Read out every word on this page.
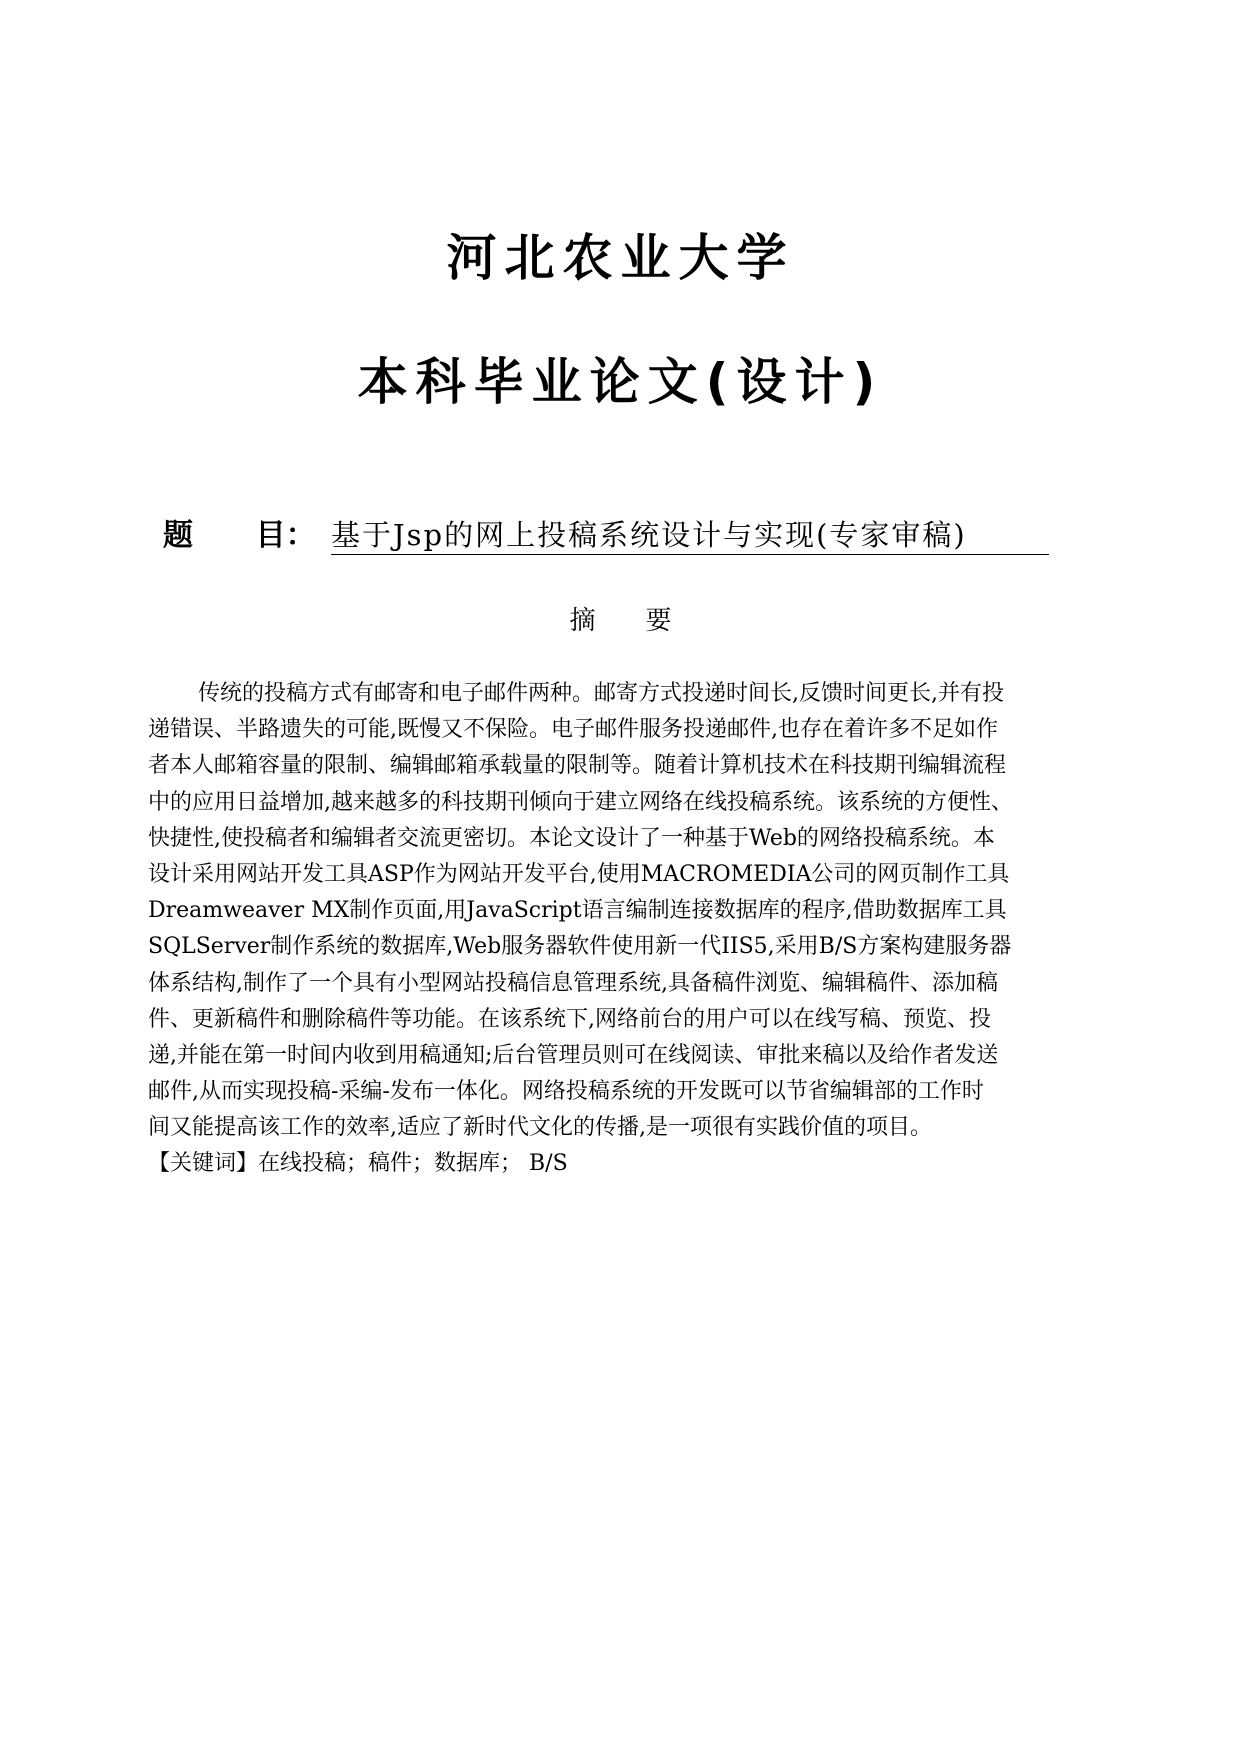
河北农业大学
本科毕业论文(设计)
题      目： 基于Jsp的网上投稿系统设计与实现(专家审稿)
摘要
传统的投稿方式有邮寄和电子邮件两种。邮寄方式投递时间长,反馈时间更长,并有投
递错误、半路遗失的可能,既慢又不保险。电子邮件服务投递邮件,也存在着许多不足如作
者本人邮箱容量的限制、编辑邮箱承载量的限制等。随着计算机技术在科技期刊编辑流程
中的应用日益增加,越来越多的科技期刊倾向于建立网络在线投稿系统。该系统的方便性、
快捷性,使投稿者和编辑者交流更密切。本论文设计了一种基于Web的网络投稿系统。本
设计采用网站开发工具ASP作为网站开发平台,使用MACROMEDIA公司的网页制作工具
Dreamweaver MX制作页面,用JavaScript语言编制连接数据库的程序,借助数据库工具
SQLServer制作系统的数据库,Web服务器软件使用新一代IIS5,采用B/S方案构建服务器
体系结构,制作了一个具有小型网站投稿信息管理系统,具备稿件浏览、编辑稿件、添加稿
件、更新稿件和删除稿件等功能。在该系统下,网络前台的用户可以在线写稿、预览、投
递,并能在第一时间内收到用稿通知;后台管理员则可在线阅读、审批来稿以及给作者发送
邮件,从而实现投稿-采编-发布一体化。网络投稿系统的开发既可以节省编辑部的工作时
间又能提高该工作的效率,适应了新时代文化的传播,是一项很有实践价值的项目。
【关键词】在线投稿；稿件；数据库； B/S
